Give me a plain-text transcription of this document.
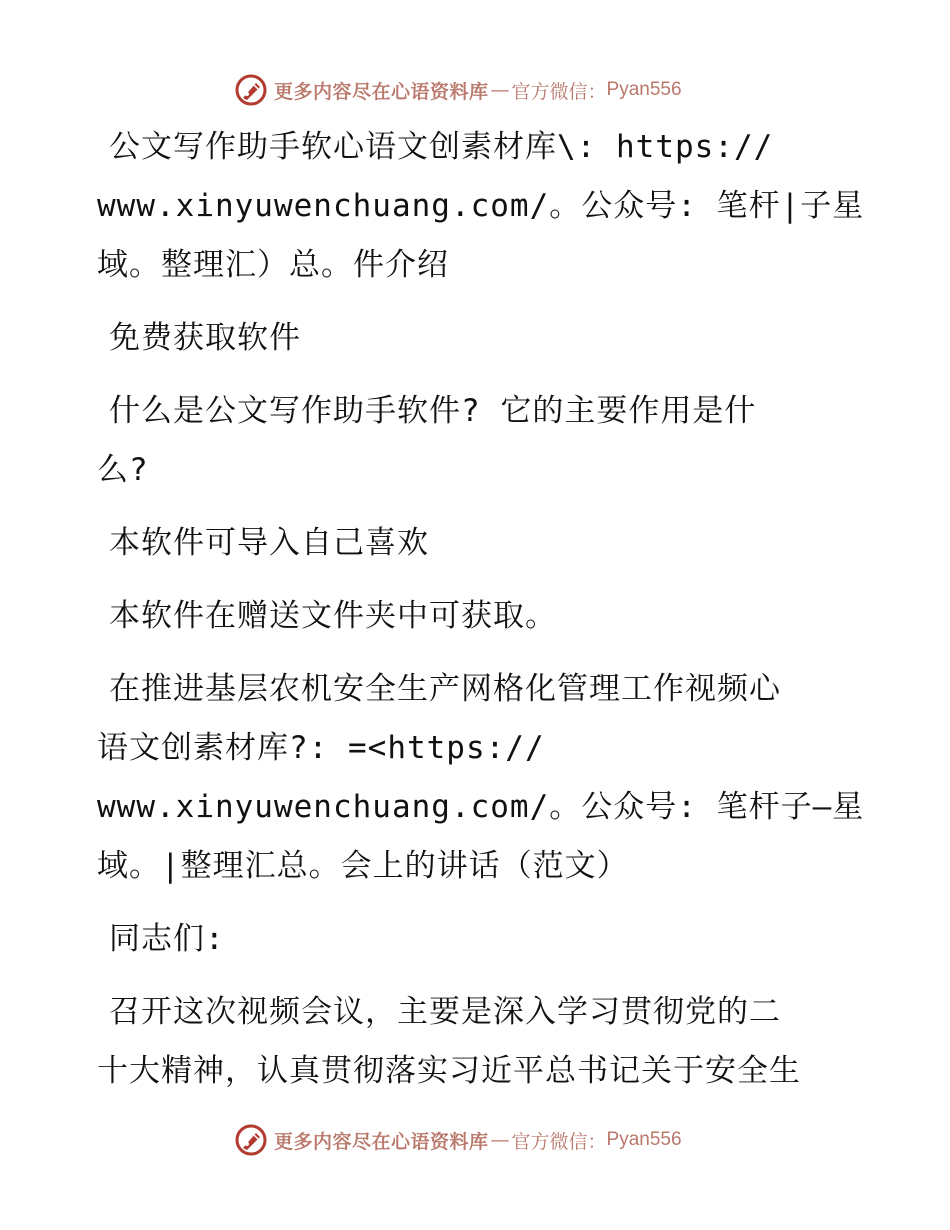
更多内容尽在心语资料库 — 官方微信： Pyan556
公文写作助手软心语文创素材库\: https://
www.xinyuwenchuang.com/。公众号: 笔杆|子星
域。整理汇）总。件介绍
免费获取软件
什么是公文写作助手软件? 它的主要作用是什
么?
本软件可导入自己喜欢
本软件在赠送文件夹中可获取。
在推进基层农机安全生产网格化管理工作视频心
语文创素材库?: =<https://
www.xinyuwenchuang.com/。公众号: 笔杆子—星
域。|整理汇总。会上的讲话（范文）
同志们:
召开这次视频会议，主要是深入学习贯彻党的二
十大精神，认真贯彻落实习近平总书记关于安全生
更多内容尽在心语资料库 — 官方微信： Pyan556
